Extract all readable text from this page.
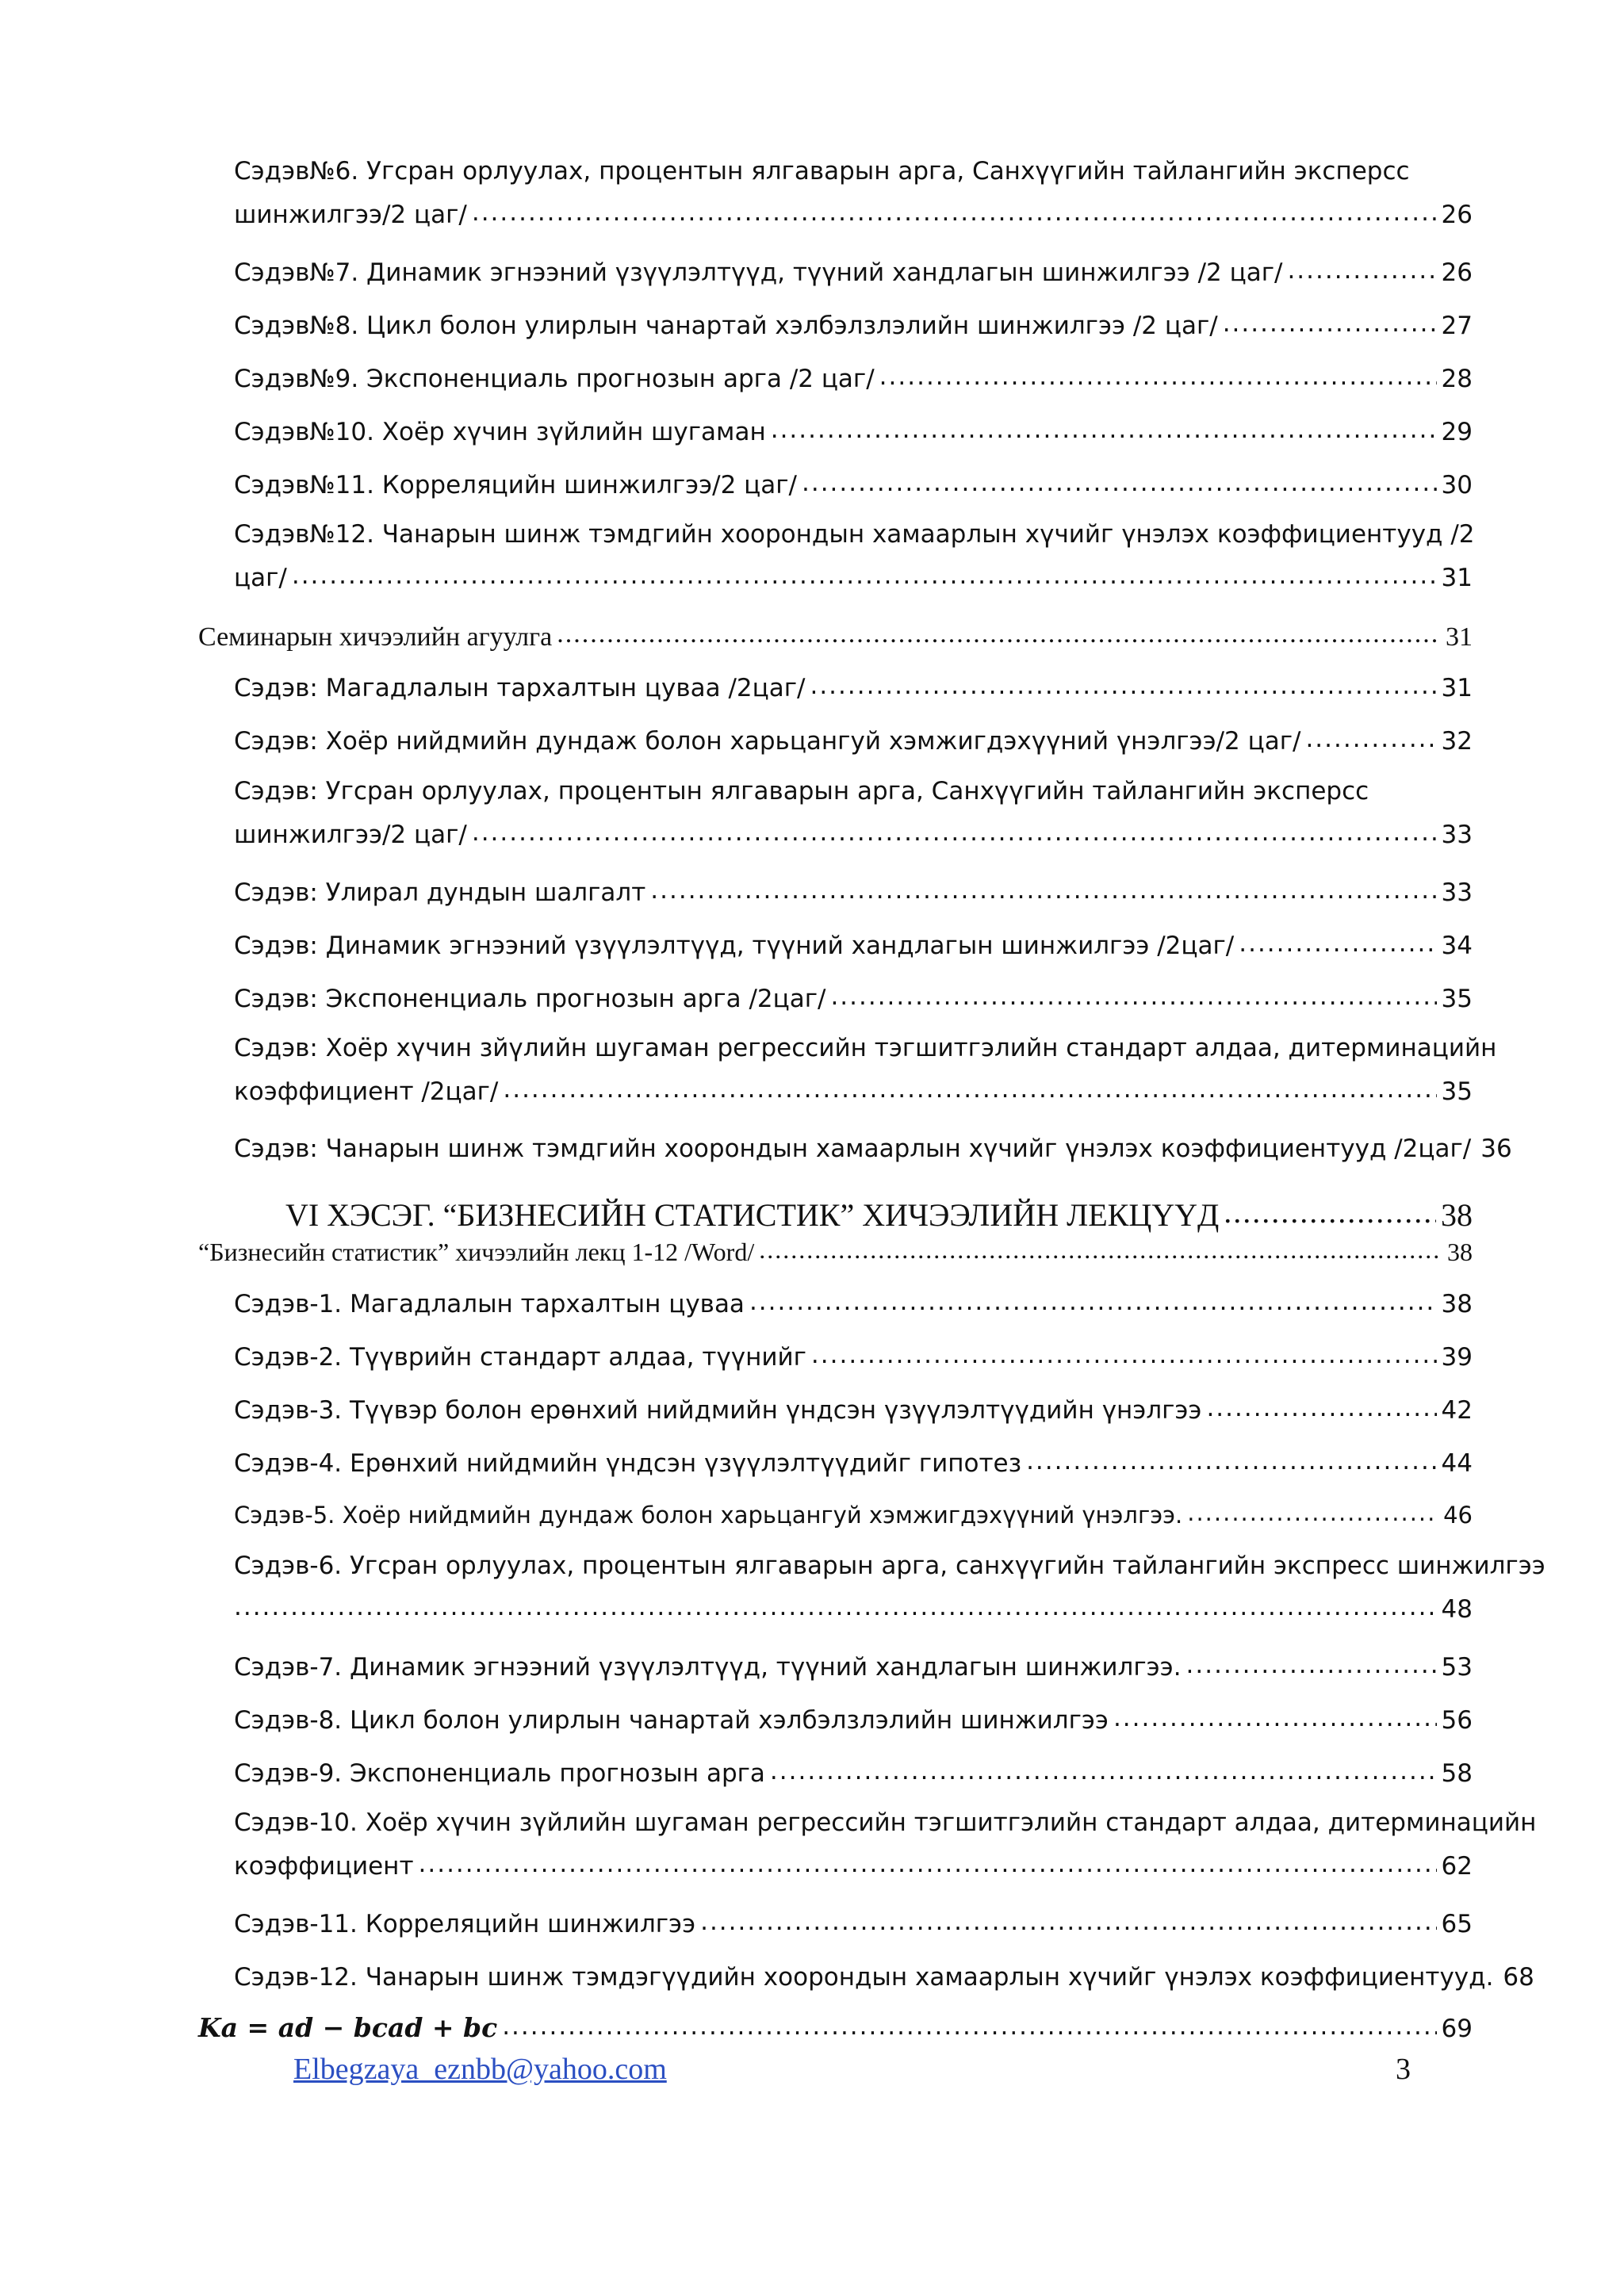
Сэдэв№6. Угсран орлуулах, процентын ялгаварын арга, Санхүүгийн тайлангийн эксперсс
шинжилгээ/2 цаг/ .....	26
Сэдэв№7. Динамик эгнээний үзүүлэлтүүд, түүний хандлагын шинжилгээ /2 цаг/ .....	26
Сэдэв№8. Цикл болон улирлын чанартай хэлбэлзлэлийн шинжилгээ /2 цаг/ .....	27
Сэдэв№9. Экспоненциаль прогнозын арга /2 цаг/ .....	28
Сэдэв№10. Хоёр хүчин зүйлийн шугаман .....	29
Сэдэв№11. Корреляцийн шинжилгээ/2 цаг/ .....	30
Сэдэв№12. Чанарын шинж тэмдгийн хоорондын хамаарлын хүчийг үнэлэх коэффициентууд /2
цаг/ .....	31
Семинарын хичээлийн агуулга .....	31
Сэдэв: Магадлалын тархалтын цуваа /2цаг/ .....	31
Сэдэв: Хоёр нийдмийн дундаж болон харьцангуй хэмжигдэхүүний үнэлгээ/2 цаг/ .....	32
Сэдэв: Угсран орлуулах, процентын ялгаварын арга, Санхүүгийн тайлангийн эксперсс
шинжилгээ/2 цаг/ .....	33
Сэдэв: Улирал дундын шалгалт .....	33
Сэдэв: Динамик эгнээний үзүүлэлтүүд, түүний хандлагын шинжилгээ /2цаг/ .....	34
Сэдэв: Экспоненциаль прогнозын арга /2цаг/ .....	35
Сэдэв: Хоёр хүчин зйүлийн шугаман регрессийн тэгшитгэлийн стандарт алдаа, дитерминацийн
коэффициент /2цаг/ .....	35
Сэдэв: Чанарын шинж тэмдгийн хоорондын хамаарлын хүчийг үнэлэх коэффициентууд /2цаг/ 36
VI ХЭСЭГ. “БИЗНЕСИЙН СТАТИСТИК” ХИЧЭЭЛИЙН ЛЕКЦҮҮД .....	38
“Бизнесийн статистик” хичээлийн лекц 1-12 /Word/ .....	38
Сэдэв-1. Магадлалын тархалтын цуваа .....	38
Сэдэв-2. Түүврийн стандарт алдаа, түүнийг .....	39
Сэдэв-3. Түүвэр болон ерөнхий нийдмийн үндсэн үзүүлэлтүүдийн үнэлгээ .....	42
Сэдэв-4. Ерөнхий нийдмийн үндсэн үзүүлэлтүүдийг гипотез .....	44
Сэдэв-5. Хоёр нийдмийн дундаж болон харьцангуй хэмжигдэхүүний үнэлгээ. .....	46
Сэдэв-6. Угсран орлуулах, процентын ялгаварын арга, санхүүгийн тайлангийн экспресс шинжилгээ
.....
48
Сэдэв-7. Динамик эгнээний үзүүлэлтүүд, түүний хандлагын шинжилгээ. .....	53
Сэдэв-8. Цикл болон улирлын чанартай хэлбэлзлэлийн шинжилгээ .....	56
Сэдэв-9. Экспоненциаль прогнозын арга .....	58
Сэдэв-10. Хоёр хүчин зүйлийн шугаман регрессийн тэгшитгэлийн стандарт алдаа, дитерминацийн
коэффициент .....	62
Сэдэв-11. Корреляцийн шинжилгээ .....	65
Сэдэв-12. Чанарын шинж тэмдэгүүдийн хоорондын хамаарлын хүчийг үнэлэх коэффициентууд. 68
𝑲𝒂 = 𝒂𝒅 − 𝒃𝒄𝒂𝒅 + 𝒃𝒄 .....	69
Elbegzaya_eznbb@yahoo.com	3
